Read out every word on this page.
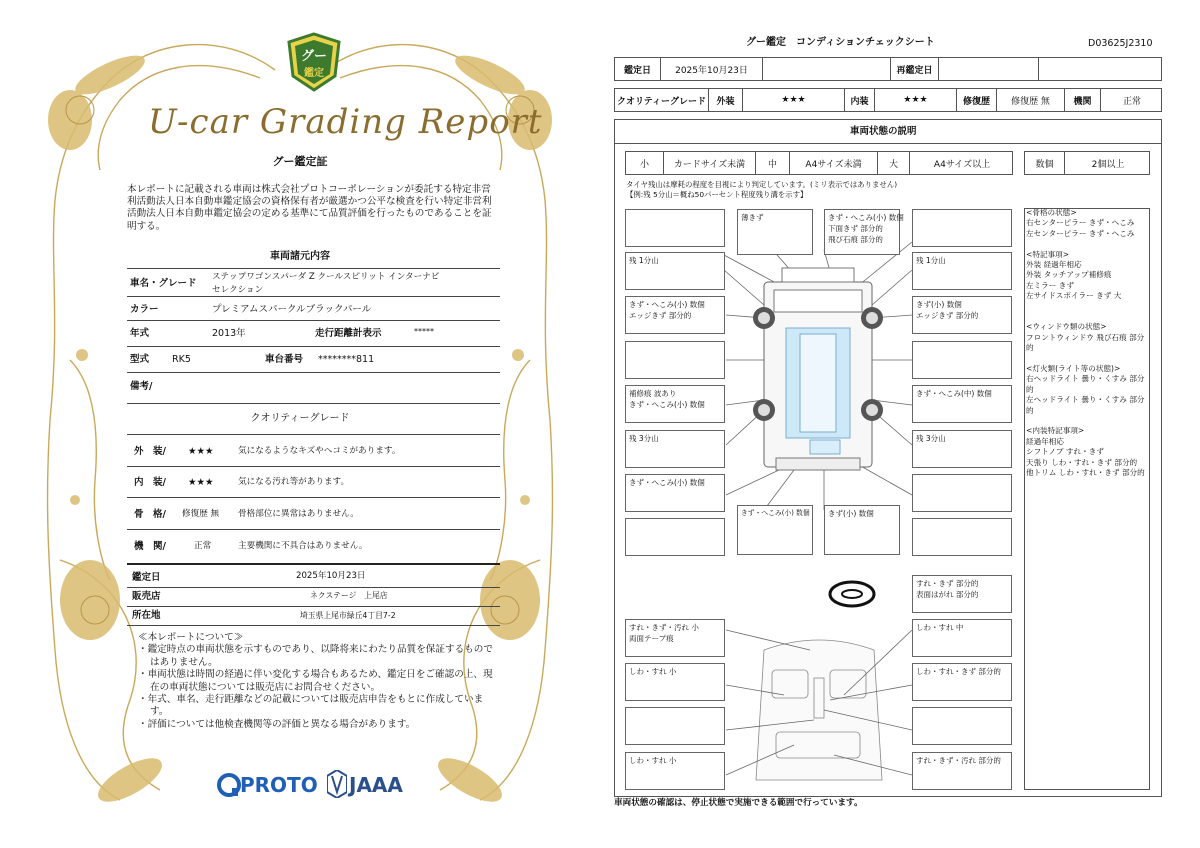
グー
鑑定
U-car Grading Report
グー鑑定証
本レポートに記載される車両は株式会社プロトコーポレーションが委託する特定非営利活動法人日本自動車鑑定協会の資格保有者が厳選かつ公平な検査を行い特定非営利活動法人日本自動車鑑定協会の定める基準にて品質評価を行ったものであることを証明する。
車両諸元内容
車名・グレード
ステップワゴンスパーダ Z クールスピリット インターナビ
セレクション
カラー	プレミアムスパークルブラックパール
年式	2013年	走行距離計表示	*****
型式 RK5	車台番号 ********811
備考/
クオリティーグレード
外　装/ ★★★	気になるようなキズやヘコミがあります。
内　装/ ★★★	気になる汚れ等があります。
骨　格/ 修復歴 無 骨格部位に異常はありません。
機　関/	正常	主要機関に不具合はありません。
鑑定日	2025年10月23日
販売店	ネクステージ　上尾店
所在地	埼玉県上尾市緑丘4丁目7-2
≪本レポートについて≫
・鑑定時点の車両状態を示すものであり、以降将来にわたり品質を保証するものではありません。
・車両状態は時間の経過に伴い変化する場合もあるため、鑑定日をご確認の上、現在の車両状態については販売店にお問合せください。
・年式、車名、走行距離などの記載については販売店申告をもとに作成しています。
・評価については他検査機関等の評価と異なる場合があります。
PROTO JAAA
グー鑑定　コンディションチェックシート	D03625J2310
鑑定日	2025年10月23日	再鑑定日
クオリティーグレード	外装	★★★	内装	★★★	修復歴	修復歴 無	機関	正常
車両状態の説明
小	カードサイズ未満	中	A4サイズ未満	大	A4サイズ以上	数個	2個以上
タイヤ残山は摩耗の程度を目視により判定しています。(ミリ表示ではありません)
【例:残 5分山＝概ね50パーセント程度残り溝を示す】
薄きず	きず・へこみ(小) 数個
下面きず 部分的
飛び石痕 部分的
残 1分山	残 1分山
きず・へこみ(小) 数個
エッジきず 部分的
きず(小) 数個
エッジきず 部分的
補修痕 波あり
きず・へこみ(小) 数個
きず・へこみ(中) 数個
残 3分山	残 3分山
きず・へこみ(小) 数個
きず・へこみ(小) 数個 きず(小) 数個
すれ・きず 部分的
表面はがれ 部分的
すれ・きず・汚れ 小
両面テープ痕
しわ・すれ 中
しわ・すれ 小	しわ・すれ・きず 部分的
しわ・すれ 小	すれ・きず・汚れ 部分的
<骨格の状態>
右センターピラー きず・へこみ
左センターピラー きず・へこみ
<特記事項>
外装 経過年相応
外装 タッチアップ補修痕
左ミラー きず
左サイドスポイラー きず 大
<ウィンドウ類の状態>
フロントウィンドウ 飛び石痕 部分的
<灯火類(ライト等の状態)>
右ヘッドライト 曇り・くすみ 部分的
左ヘッドライト 曇り・くすみ 部分的
<内装特記事項>
経過年相応
シフトノブ すれ・きず
天張り しわ・すれ・きず 部分的
他トリム しわ・すれ・きず 部分的
車両状態の確認は、停止状態で実施できる範囲で行っています。
